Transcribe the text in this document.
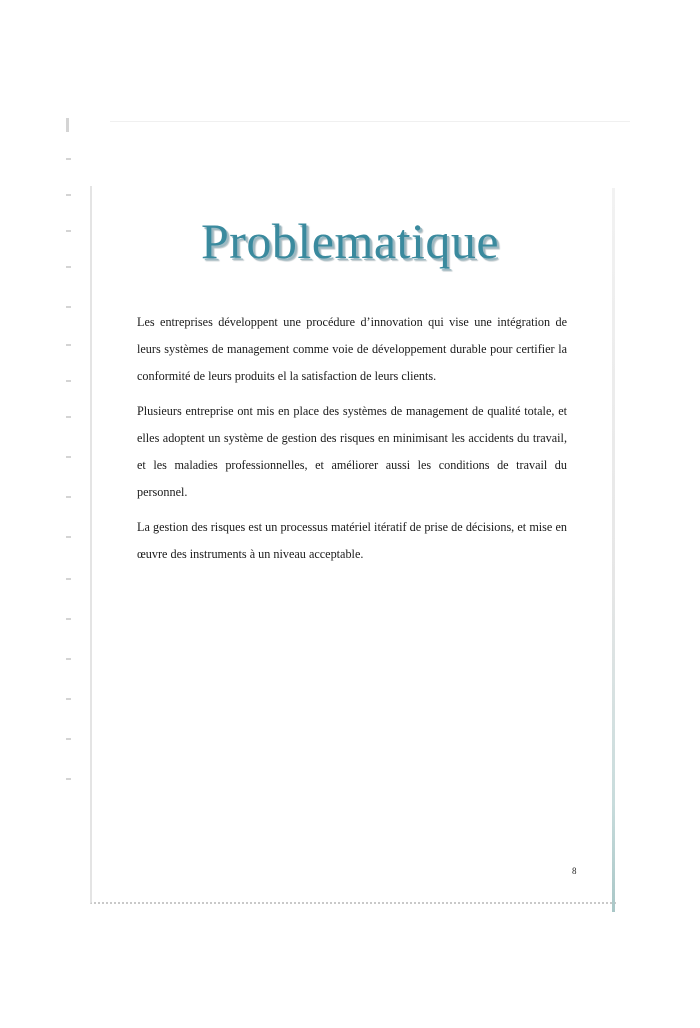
Problematique

Les entreprises développent une procédure d’innovation qui vise une intégration de leurs systèmes de management comme voie de développement durable pour certifier la conformité de leurs produits el la satisfaction de leurs clients.

Plusieurs entreprise ont mis en place des systèmes de management de qualité totale, et elles adoptent un système de gestion des risques en minimisant les accidents du travail, et les maladies professionnelles, et améliorer aussi les conditions de travail du personnel.

La gestion des risques est un processus matériel itératif de prise de décisions, et mise en œuvre des instruments à un niveau acceptable.

8
